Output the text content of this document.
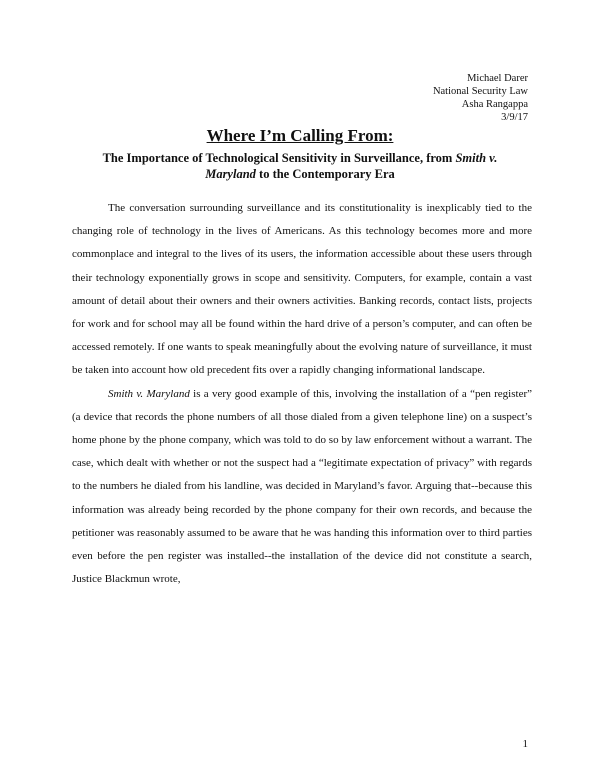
Michael Darer
National Security Law
Asha Rangappa
3/9/17
Where I’m Calling From:

The Importance of Technological Sensitivity in Surveillance, from Smith v. Maryland to the Contemporary Era

The conversation surrounding surveillance and its constitutionality is inexplicably tied to the changing role of technology in the lives of Americans. As this technology becomes more and more commonplace and integral to the lives of its users, the information accessible about these users through their technology exponentially grows in scope and sensitivity. Computers, for example, contain a vast amount of detail about their owners and their owners activities. Banking records, contact lists, projects for work and for school may all be found within the hard drive of a person’s computer, and can often be accessed remotely. If one wants to speak meaningfully about the evolving nature of surveillance, it must be taken into account how old precedent fits over a rapidly changing informational landscape.

Smith v. Maryland is a very good example of this, involving the installation of a “pen register” (a device that records the phone numbers of all those dialed from a given telephone line) on a suspect’s home phone by the phone company, which was told to do so by law enforcement without a warrant. The case, which dealt with whether or not the suspect had a “legitimate expectation of privacy” with regards to the numbers he dialed from his landline, was decided in Maryland’s favor. Arguing that--because this information was already being recorded by the phone company for their own records, and because the petitioner was reasonably assumed to be aware that he was handing this information over to third parties even before the pen register was installed--the installation of the device did not constitute a search, Justice Blackmun wrote,

1
